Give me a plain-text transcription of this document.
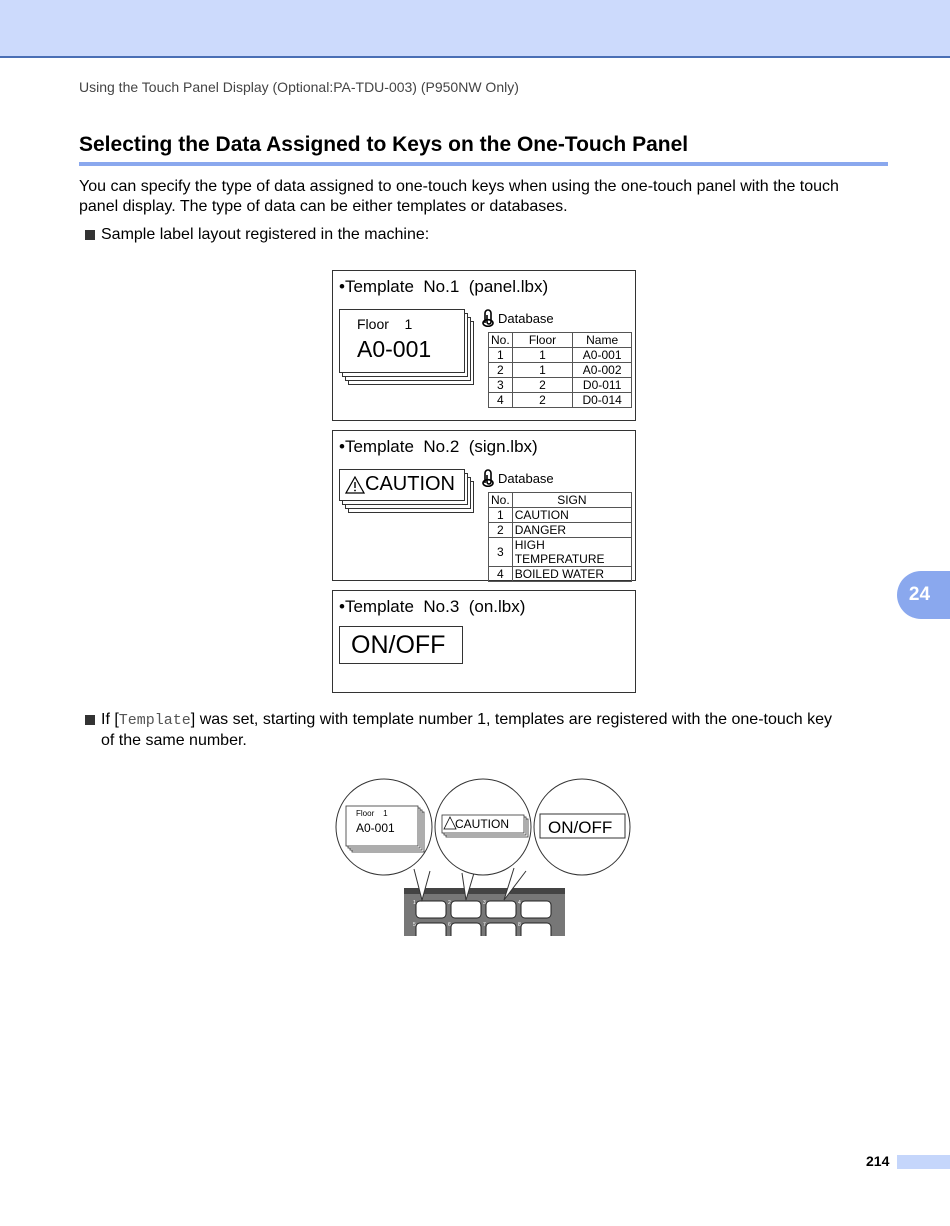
Using the Touch Panel Display (Optional:PA-TDU-003) (P950NW Only)
Selecting the Data Assigned to Keys on the One-Touch Panel
You can specify the type of data assigned to one-touch keys when using the one-touch panel with the touch
panel display. The type of data can be either templates or databases.
Sample label layout registered in the machine:
•Template  No.1  (panel.lbx)
Floor    1
A0-001
Database
No.	Floor	Name
1	1	A0-001
2	1	A0-002
3	2	D0-011
4	2	D0-014
•Template  No.2  (sign.lbx)
CAUTION	Database
No.	SIGN
1	CAUTION
2	DANGER
3	HIGH TEMPERATURE
4	BOILED WATER
•Template  No.3  (on.lbx)
ON/OFF
If [Template] was set, starting with template number 1, templates are registered with the one-touch key
of the same number.
1	2	3	4
5	6	7	8
Floor    1
A0-001	CAUTION ON/OFF
24
214
